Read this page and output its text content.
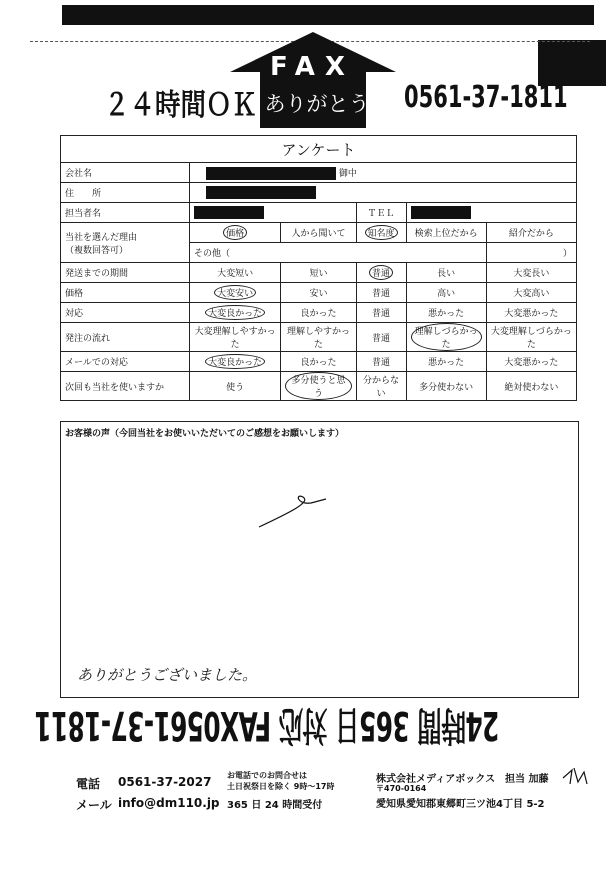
FAX
ありがとう
２４時間ＯＫ	0561-37-1811
アンケート					
会社名	御中				
住　　所					
担当者名			ＴＥＬ		

当社を選んだ理由
（複数回答可）	価格	人から聞いて	知名度	検索上位だから	紹介だから
	その他（				）
発送までの期間	大変短い	短い	普通	長い	大変長い
価格	大変安い	安い	普通	高い	大変高い
対応	大変良かった	良かった	普通	悪かった	大変悪かった
発注の流れ	大変理解しやすかった	理解しやすかった	普通	理解しづらかった	大変理解しづらかった
メールでの対応	大変良かった	良かった	普通	悪かった	大変悪かった
次回も当社を使いますか	使う	多分使うと思う	分からない	多分使わない	絶対使わない
お客様の声（今回当社をお使いいただいてのご感想をお願いします）
ありがとうございました。
24時間 365日 対応 FAX0561-37-1811
電話 0561-37-2027
メール info@dm110.jp
お電話でのお問合せは
土日祝祭日を除く 9時～17時
365 日 24 時間受付
株式会社メディアボックス 担当 加藤
〒470-0164
愛知県愛知郡東郷町三ツ池4丁目 5-2
